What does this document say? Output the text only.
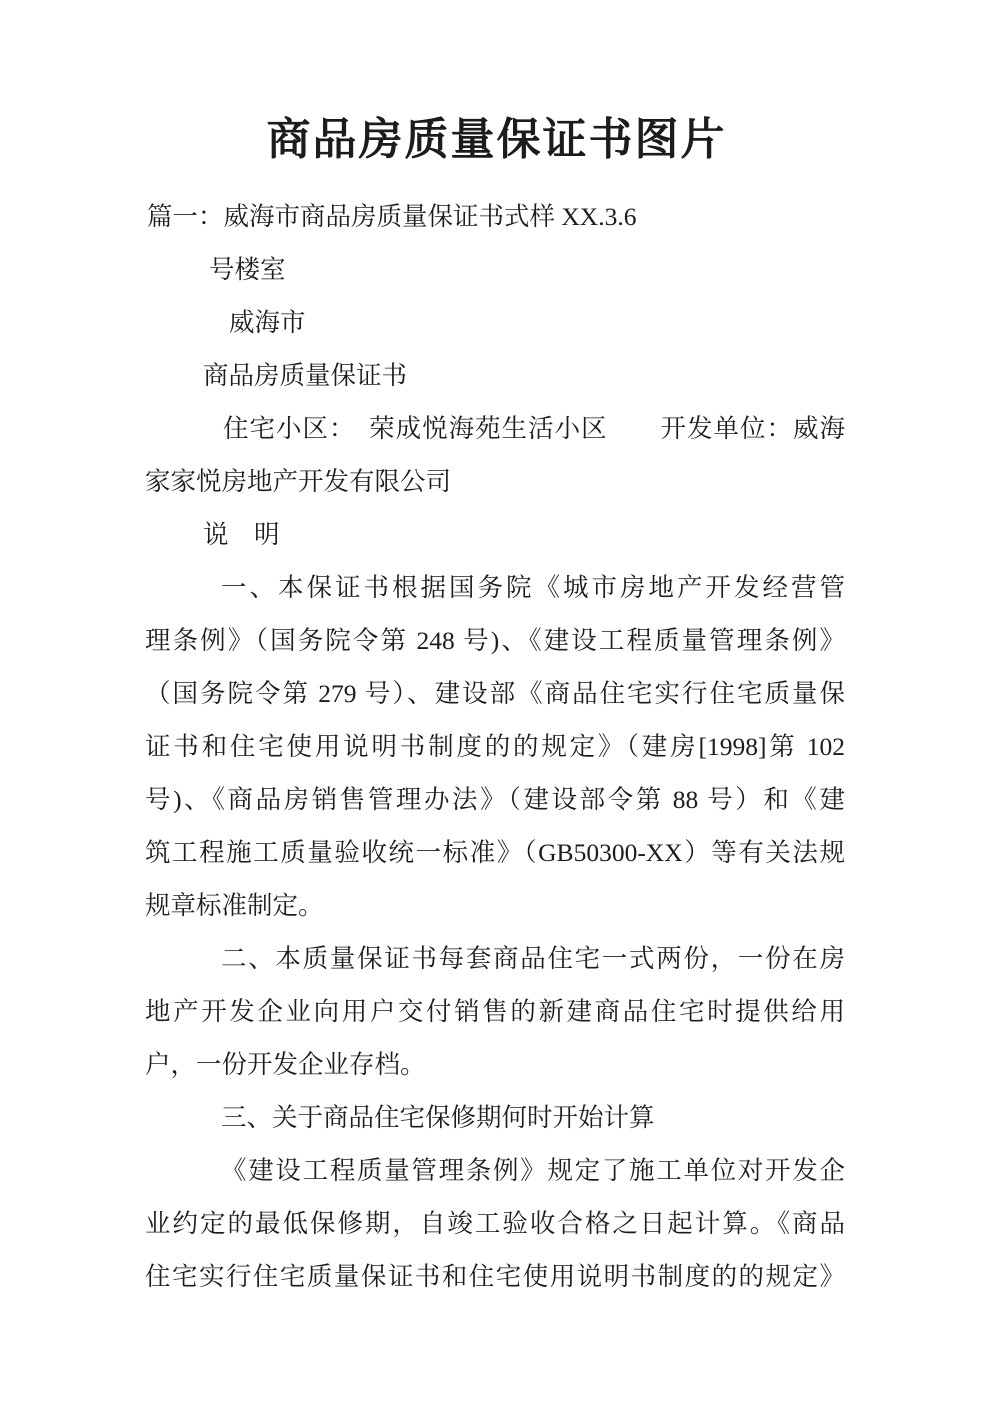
商品房质量保证书图片
篇一：威海市商品房质量保证书式样 XX.3.6
号楼室
威海市
商品房质量保证书
住宅小区：　荣成悦海苑生活小区　　开发单位：威海
家家悦房地产开发有限公司
说　明
一、本保证书根据国务院《城市房地产开发经营管
理条例》（国务院令第 248 号)、《建设工程质量管理条例》
（国务院令第 279 号）、建设部《商品住宅实行住宅质量保
证书和住宅使用说明书制度的的规定》（建房[1998]第 102
号)、《商品房销售管理办法》（建设部令第 88 号）和《建
筑工程施工质量验收统一标准》（GB50300-XX）等有关法规
规章标准制定。
二、本质量保证书每套商品住宅一式两份，一份在房
地产开发企业向用户交付销售的新建商品住宅时提供给用
户，一份开发企业存档。
三、关于商品住宅保修期何时开始计算
《建设工程质量管理条例》规定了施工单位对开发企
业约定的最低保修期，自竣工验收合格之日起计算。《商品
住宅实行住宅质量保证书和住宅使用说明书制度的的规定》
